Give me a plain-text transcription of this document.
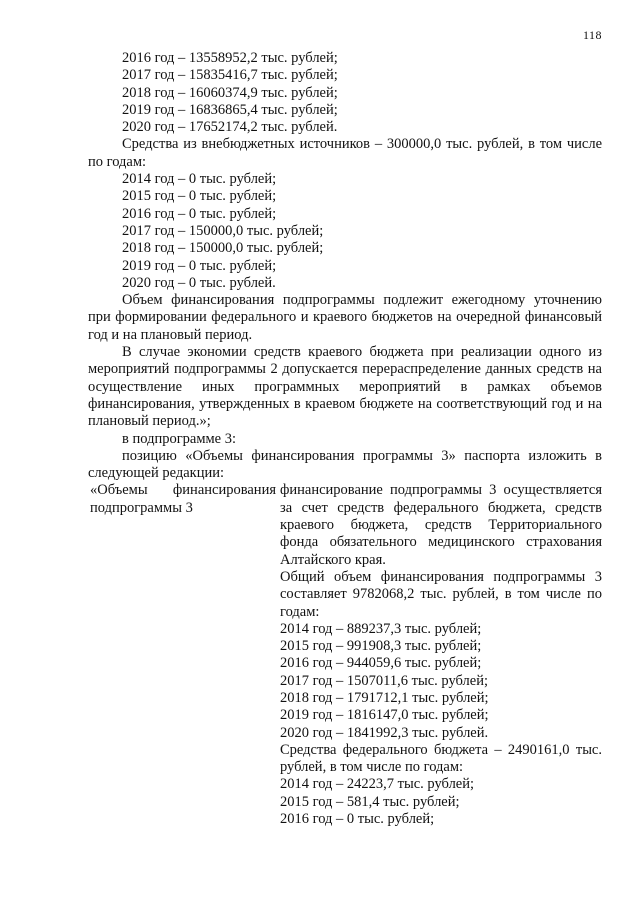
118
2016 год – 13558952,2 тыс. рублей;
2017 год – 15835416,7 тыс. рублей;
2018 год – 16060374,9 тыс. рублей;
2019 год – 16836865,4 тыс. рублей;
2020 год – 17652174,2 тыс. рублей.
Средства из внебюджетных источников – 300000,0 тыс. рублей, в том числе по годам:
2014 год – 0 тыс. рублей;
2015 год – 0 тыс. рублей;
2016 год – 0 тыс. рублей;
2017 год – 150000,0 тыс. рублей;
2018 год – 150000,0 тыс. рублей;
2019 год – 0 тыс. рублей;
2020 год – 0 тыс. рублей.
Объем финансирования подпрограммы подлежит ежегодному уточнению при формировании федерального и краевого бюджетов на очередной финансовый год и на плановый период.
В случае экономии средств краевого бюджета при реализации одного из мероприятий подпрограммы 2 допускается перераспределение данных средств на осуществление иных программных мероприятий в рамках объемов финансирования, утвержденных в краевом бюджете на соответствующий год и на плановый период.»;
в подпрограмме 3:
позицию «Объемы финансирования программы 3» паспорта изложить в следующей редакции:
«Объемы финансирования
подпрограммы 3
финансирование подпрограммы 3 осуществляется за счет средств федерального бюджета, средств краевого бюджета, средств Территориального фонда обязательного медицинского страхования Алтайского края.
Общий объем финансирования подпрограммы 3 составляет 9782068,2 тыс. рублей, в том числе по годам:
2014 год – 889237,3 тыс. рублей;
2015 год – 991908,3 тыс. рублей;
2016 год – 944059,6 тыс. рублей;
2017 год – 1507011,6 тыс. рублей;
2018 год – 1791712,1 тыс. рублей;
2019 год – 1816147,0 тыс. рублей;
2020 год – 1841992,3 тыс. рублей.
Средства федерального бюджета – 2490161,0 тыс. рублей, в том числе по годам:
2014 год – 24223,7 тыс. рублей;
2015 год – 581,4 тыс. рублей;
2016 год – 0 тыс. рублей;
